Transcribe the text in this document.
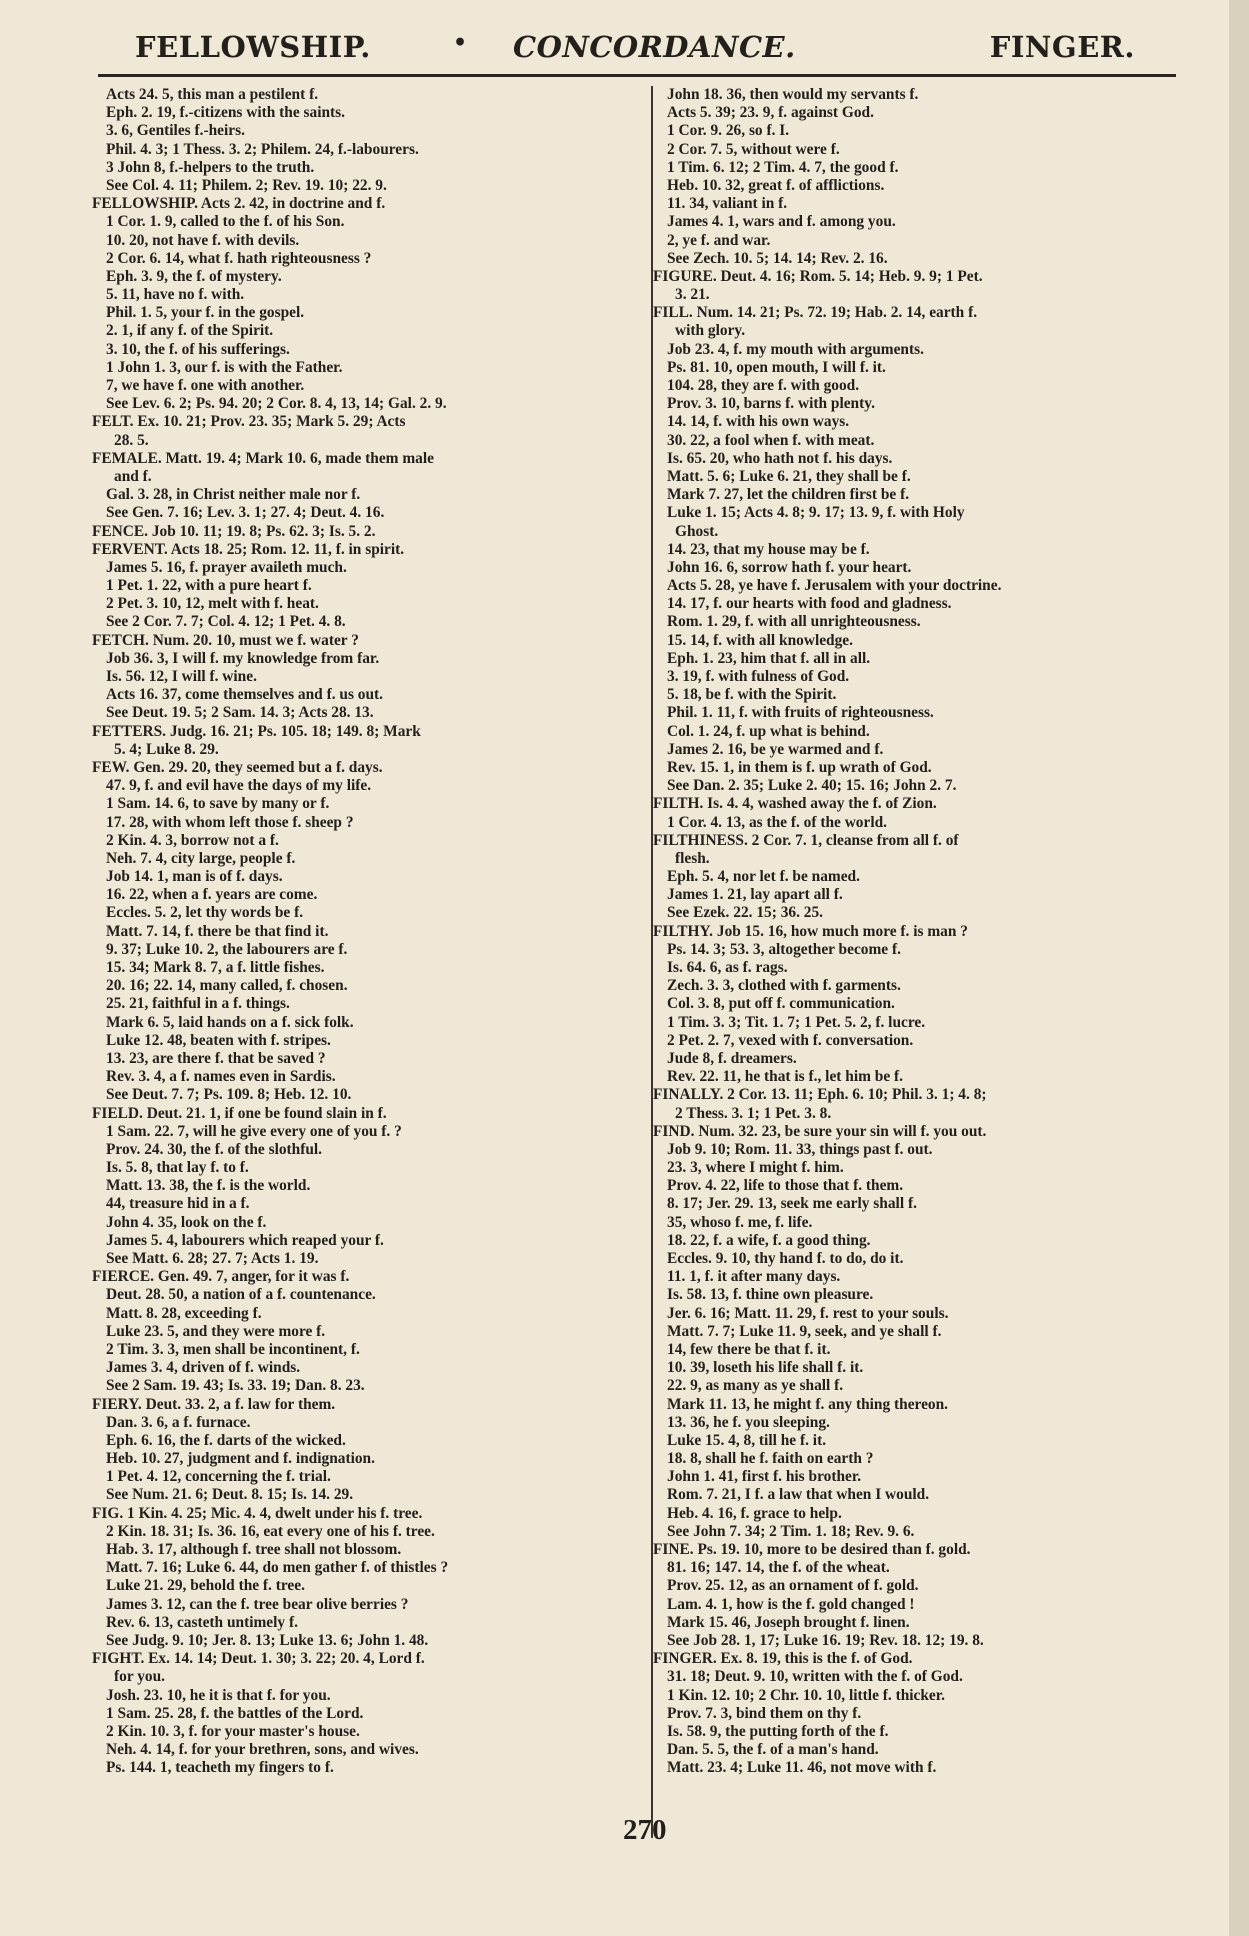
FELLOWSHIP.	• CONCORDANCE.	FINGER.
Acts 24. 5, this man a pestilent f.
Eph. 2. 19, f.-citizens with the saints.
3. 6, Gentiles f.-heirs.
Phil. 4. 3; 1 Thess. 3. 2; Philem. 24, f.-labourers.
3 John 8, f.-helpers to the truth.
See Col. 4. 11; Philem. 2; Rev. 19. 10; 22. 9.
FELLOWSHIP. Acts 2. 42, in doctrine and f.
1 Cor. 1. 9, called to the f. of his Son.
10. 20, not have f. with devils.
2 Cor. 6. 14, what f. hath righteousness ?
Eph. 3. 9, the f. of mystery.
5. 11, have no f. with.
Phil. 1. 5, your f. in the gospel.
2. 1, if any f. of the Spirit.
3. 10, the f. of his sufferings.
1 John 1. 3, our f. is with the Father.
7, we have f. one with another.
See Lev. 6. 2; Ps. 94. 20; 2 Cor. 8. 4, 13, 14; Gal. 2. 9.
FELT. Ex. 10. 21; Prov. 23. 35; Mark 5. 29; Acts
28. 5.
FEMALE. Matt. 19. 4; Mark 10. 6, made them male
and f.
Gal. 3. 28, in Christ neither male nor f.
See Gen. 7. 16; Lev. 3. 1; 27. 4; Deut. 4. 16.
FENCE. Job 10. 11; 19. 8; Ps. 62. 3; Is. 5. 2.
FERVENT. Acts 18. 25; Rom. 12. 11, f. in spirit.
James 5. 16, f. prayer availeth much.
1 Pet. 1. 22, with a pure heart f.
2 Pet. 3. 10, 12, melt with f. heat.
See 2 Cor. 7. 7; Col. 4. 12; 1 Pet. 4. 8.
FETCH. Num. 20. 10, must we f. water ?
Job 36. 3, I will f. my knowledge from far.
Is. 56. 12, I will f. wine.
Acts 16. 37, come themselves and f. us out.
See Deut. 19. 5; 2 Sam. 14. 3; Acts 28. 13.
FETTERS. Judg. 16. 21; Ps. 105. 18; 149. 8; Mark
5. 4; Luke 8. 29.
FEW. Gen. 29. 20, they seemed but a f. days.
47. 9, f. and evil have the days of my life.
1 Sam. 14. 6, to save by many or f.
17. 28, with whom left those f. sheep ?
2 Kin. 4. 3, borrow not a f.
Neh. 7. 4, city large, people f.
Job 14. 1, man is of f. days.
16. 22, when a f. years are come.
Eccles. 5. 2, let thy words be f.
Matt. 7. 14, f. there be that find it.
9. 37; Luke 10. 2, the labourers are f.
15. 34; Mark 8. 7, a f. little fishes.
20. 16; 22. 14, many called, f. chosen.
25. 21, faithful in a f. things.
Mark 6. 5, laid hands on a f. sick folk.
Luke 12. 48, beaten with f. stripes.
13. 23, are there f. that be saved ?
Rev. 3. 4, a f. names even in Sardis.
See Deut. 7. 7; Ps. 109. 8; Heb. 12. 10.
FIELD. Deut. 21. 1, if one be found slain in f.
1 Sam. 22. 7, will he give every one of you f. ?
Prov. 24. 30, the f. of the slothful.
Is. 5. 8, that lay f. to f.
Matt. 13. 38, the f. is the world.
44, treasure hid in a f.
John 4. 35, look on the f.
James 5. 4, labourers which reaped your f.
See Matt. 6. 28; 27. 7; Acts 1. 19.
FIERCE. Gen. 49. 7, anger, for it was f.
Deut. 28. 50, a nation of a f. countenance.
Matt. 8. 28, exceeding f.
Luke 23. 5, and they were more f.
2 Tim. 3. 3, men shall be incontinent, f.
James 3. 4, driven of f. winds.
See 2 Sam. 19. 43; Is. 33. 19; Dan. 8. 23.
FIERY. Deut. 33. 2, a f. law for them.
Dan. 3. 6, a f. furnace.
Eph. 6. 16, the f. darts of the wicked.
Heb. 10. 27, judgment and f. indignation.
1 Pet. 4. 12, concerning the f. trial.
See Num. 21. 6; Deut. 8. 15; Is. 14. 29.
FIG. 1 Kin. 4. 25; Mic. 4. 4, dwelt under his f. tree.
2 Kin. 18. 31; Is. 36. 16, eat every one of his f. tree.
Hab. 3. 17, although f. tree shall not blossom.
Matt. 7. 16; Luke 6. 44, do men gather f. of thistles ?
Luke 21. 29, behold the f. tree.
James 3. 12, can the f. tree bear olive berries ?
Rev. 6. 13, casteth untimely f.
See Judg. 9. 10; Jer. 8. 13; Luke 13. 6; John 1. 48.
FIGHT. Ex. 14. 14; Deut. 1. 30; 3. 22; 20. 4, Lord f.
for you.
Josh. 23. 10, he it is that f. for you.
1 Sam. 25. 28, f. the battles of the Lord.
2 Kin. 10. 3, f. for your master's house.
Neh. 4. 14, f. for your brethren, sons, and wives.
Ps. 144. 1, teacheth my fingers to f.
John 18. 36, then would my servants f.
Acts 5. 39; 23. 9, f. against God.
1 Cor. 9. 26, so f. I.
2 Cor. 7. 5, without were f.
1 Tim. 6. 12; 2 Tim. 4. 7, the good f.
Heb. 10. 32, great f. of afflictions.
11. 34, valiant in f.
James 4. 1, wars and f. among you.
2, ye f. and war.
See Zech. 10. 5; 14. 14; Rev. 2. 16.
FIGURE. Deut. 4. 16; Rom. 5. 14; Heb. 9. 9; 1 Pet.
3. 21.
FILL. Num. 14. 21; Ps. 72. 19; Hab. 2. 14, earth f.
with glory.
Job 23. 4, f. my mouth with arguments.
Ps. 81. 10, open mouth, I will f. it.
104. 28, they are f. with good.
Prov. 3. 10, barns f. with plenty.
14. 14, f. with his own ways.
30. 22, a fool when f. with meat.
Is. 65. 20, who hath not f. his days.
Matt. 5. 6; Luke 6. 21, they shall be f.
Mark 7. 27, let the children first be f.
Luke 1. 15; Acts 4. 8; 9. 17; 13. 9, f. with Holy
Ghost.
14. 23, that my house may be f.
John 16. 6, sorrow hath f. your heart.
Acts 5. 28, ye have f. Jerusalem with your doctrine.
14. 17, f. our hearts with food and gladness.
Rom. 1. 29, f. with all unrighteousness.
15. 14, f. with all knowledge.
Eph. 1. 23, him that f. all in all.
3. 19, f. with fulness of God.
5. 18, be f. with the Spirit.
Phil. 1. 11, f. with fruits of righteousness.
Col. 1. 24, f. up what is behind.
James 2. 16, be ye warmed and f.
Rev. 15. 1, in them is f. up wrath of God.
See Dan. 2. 35; Luke 2. 40; 15. 16; John 2. 7.
FILTH. Is. 4. 4, washed away the f. of Zion.
1 Cor. 4. 13, as the f. of the world.
FILTHINESS. 2 Cor. 7. 1, cleanse from all f. of
flesh.
Eph. 5. 4, nor let f. be named.
James 1. 21, lay apart all f.
See Ezek. 22. 15; 36. 25.
FILTHY. Job 15. 16, how much more f. is man ?
Ps. 14. 3; 53. 3, altogether become f.
Is. 64. 6, as f. rags.
Zech. 3. 3, clothed with f. garments.
Col. 3. 8, put off f. communication.
1 Tim. 3. 3; Tit. 1. 7; 1 Pet. 5. 2, f. lucre.
2 Pet. 2. 7, vexed with f. conversation.
Jude 8, f. dreamers.
Rev. 22. 11, he that is f., let him be f.
FINALLY. 2 Cor. 13. 11; Eph. 6. 10; Phil. 3. 1; 4. 8;
2 Thess. 3. 1; 1 Pet. 3. 8.
FIND. Num. 32. 23, be sure your sin will f. you out.
Job 9. 10; Rom. 11. 33, things past f. out.
23. 3, where I might f. him.
Prov. 4. 22, life to those that f. them.
8. 17; Jer. 29. 13, seek me early shall f.
35, whoso f. me, f. life.
18. 22, f. a wife, f. a good thing.
Eccles. 9. 10, thy hand f. to do, do it.
11. 1, f. it after many days.
Is. 58. 13, f. thine own pleasure.
Jer. 6. 16; Matt. 11. 29, f. rest to your souls.
Matt. 7. 7; Luke 11. 9, seek, and ye shall f.
14, few there be that f. it.
10. 39, loseth his life shall f. it.
22. 9, as many as ye shall f.
Mark 11. 13, he might f. any thing thereon.
13. 36, he f. you sleeping.
Luke 15. 4, 8, till he f. it.
18. 8, shall he f. faith on earth ?
John 1. 41, first f. his brother.
Rom. 7. 21, I f. a law that when I would.
Heb. 4. 16, f. grace to help.
See John 7. 34; 2 Tim. 1. 18; Rev. 9. 6.
FINE. Ps. 19. 10, more to be desired than f. gold.
81. 16; 147. 14, the f. of the wheat.
Prov. 25. 12, as an ornament of f. gold.
Lam. 4. 1, how is the f. gold changed !
Mark 15. 46, Joseph brought f. linen.
See Job 28. 1, 17; Luke 16. 19; Rev. 18. 12; 19. 8.
FINGER. Ex. 8. 19, this is the f. of God.
31. 18; Deut. 9. 10, written with the f. of God.
1 Kin. 12. 10; 2 Chr. 10. 10, little f. thicker.
Prov. 7. 3, bind them on thy f.
Is. 58. 9, the putting forth of the f.
Dan. 5. 5, the f. of a man's hand.
Matt. 23. 4; Luke 11. 46, not move with f.
270
